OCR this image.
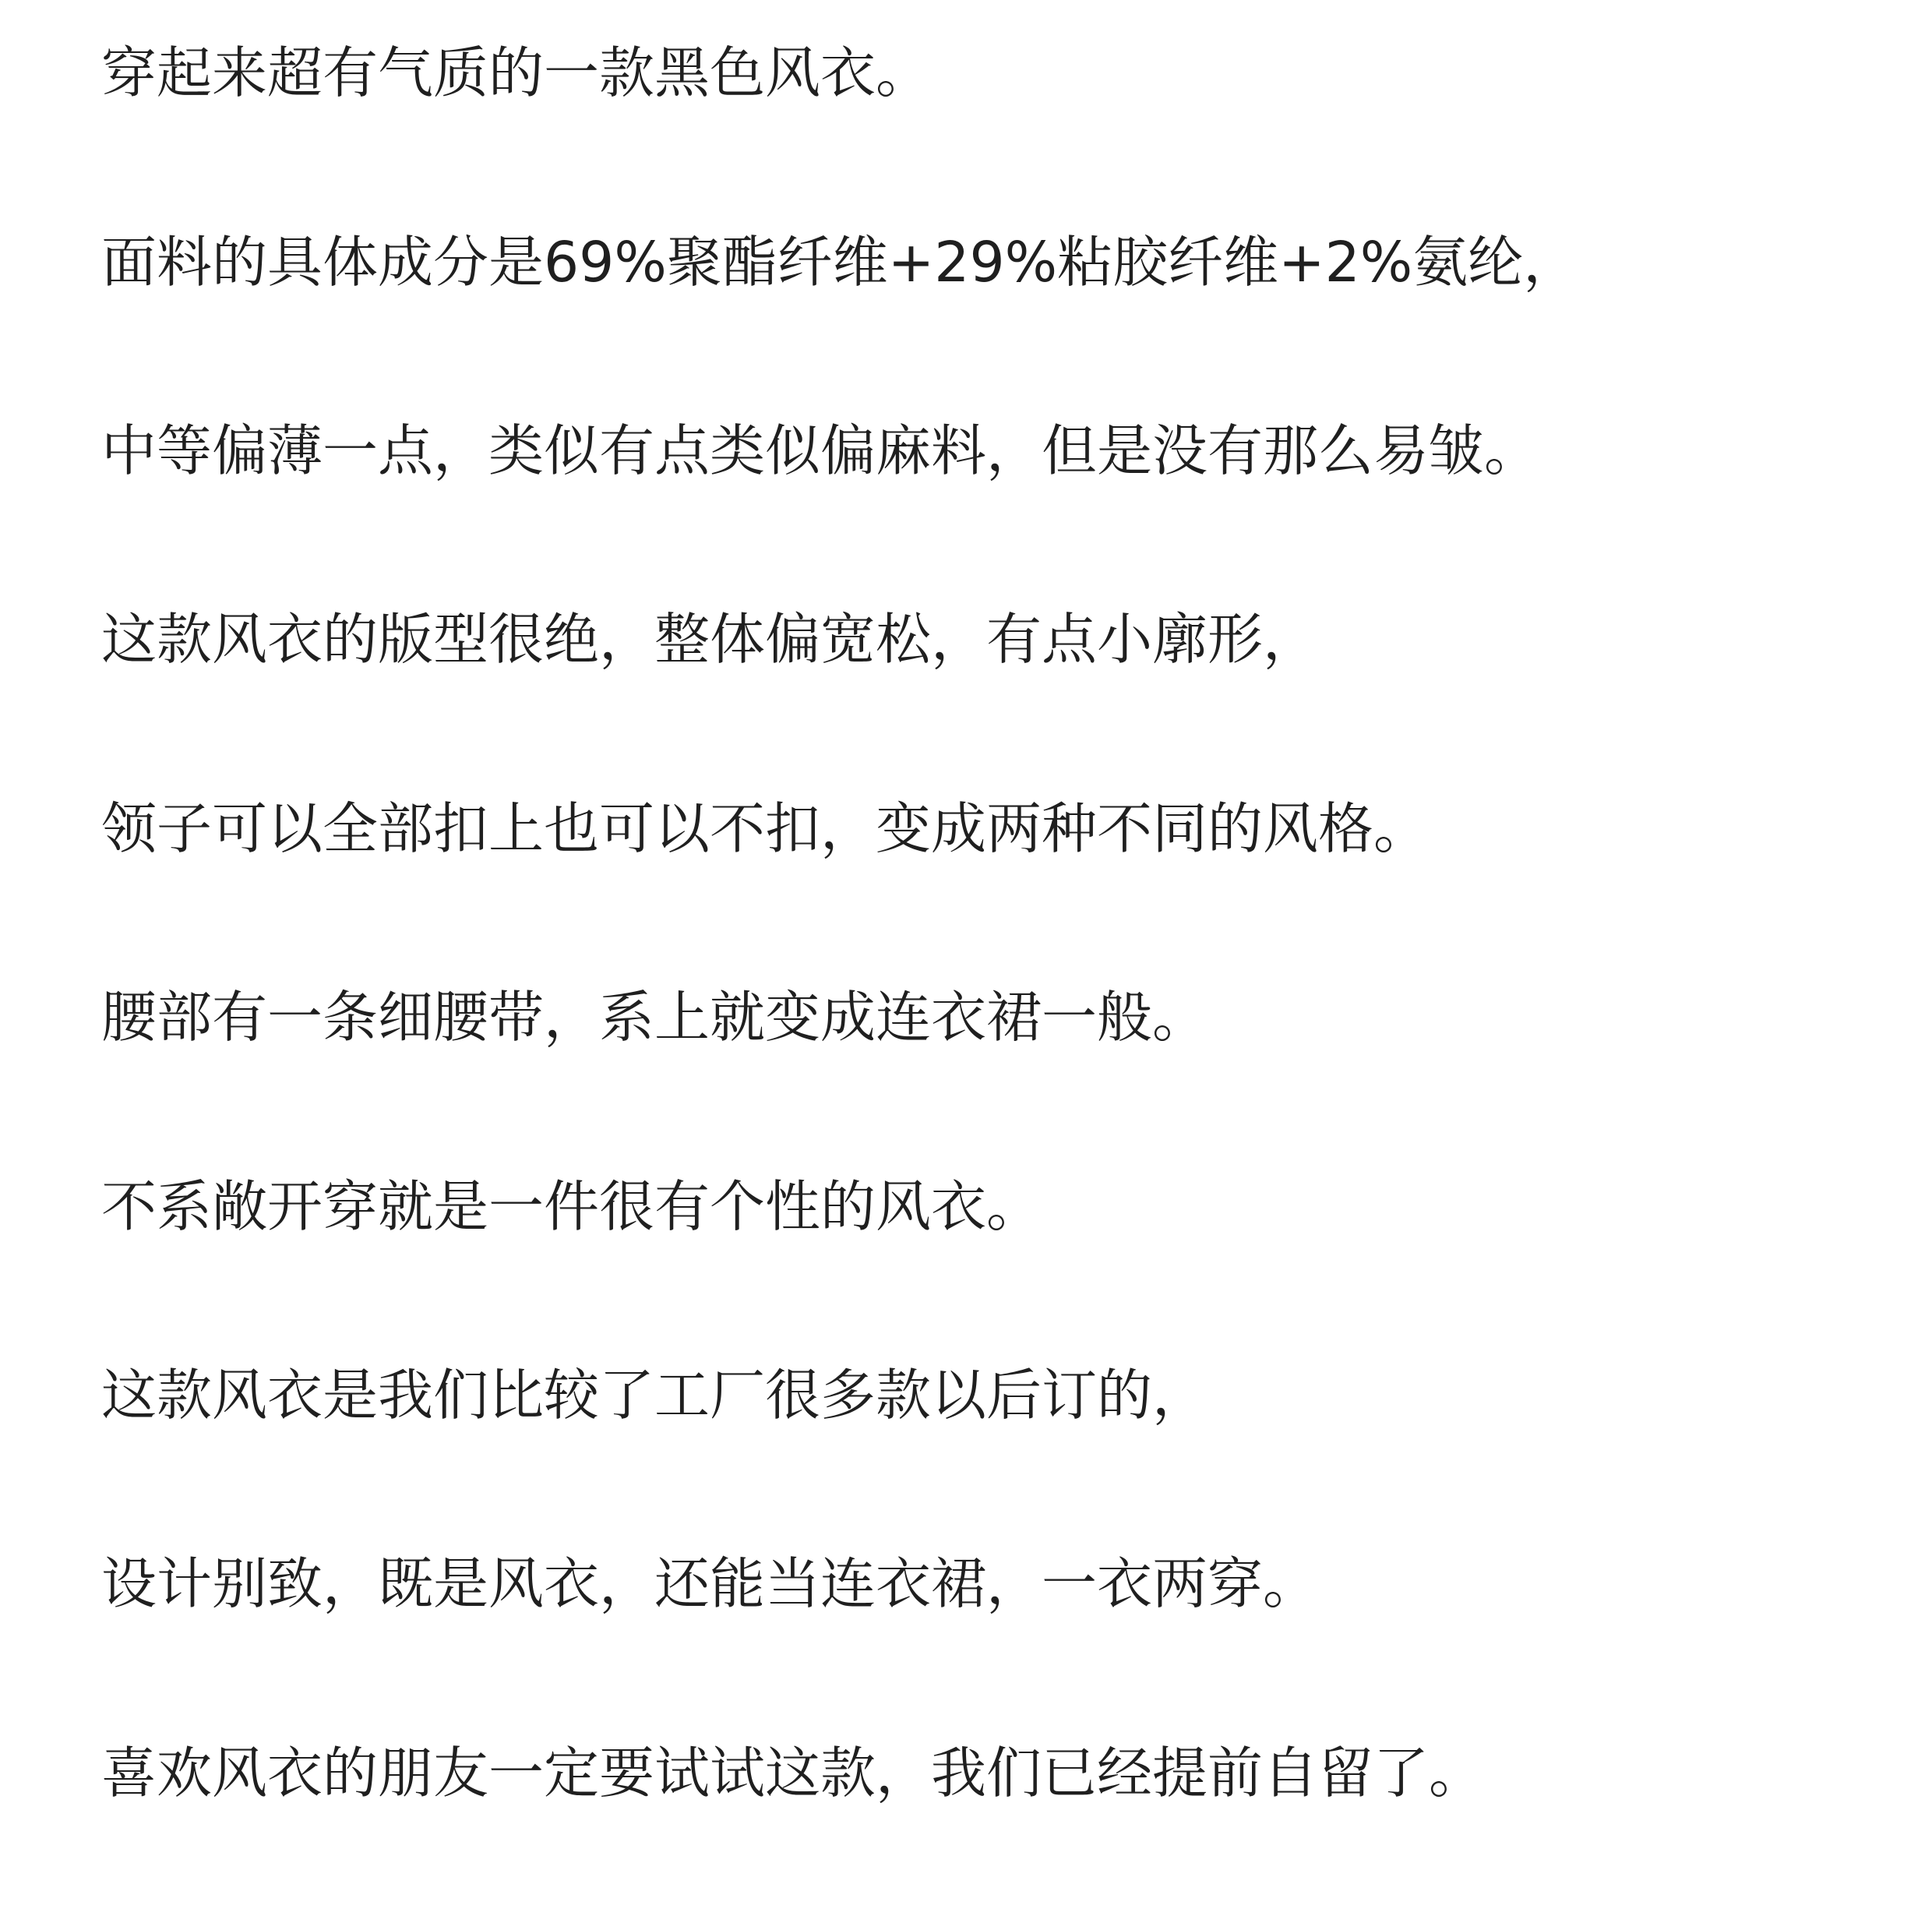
穿起来超有气质的一款黑色风衣。

面料的具体成分是69%聚酯纤维+29%粘胶纤维+2%氨纶，

中等偏薄一点，类似有点类似偏麻料，但是没有那么易皱。

这款风衣的版型很绝，整体偏宽松，有点小廓形，

领子可以全部扣上也可以不扣，变成两种不同的风格。

腰部有一条细腰带，系上就变成连衣裙一般。

不系敞开穿就是一件很有个性的风衣。

这款风衣是我们比较了工厂很多款以后订的，

设计别致，既是风衣，还能当连衣裙，一衣两穿。

喜欢风衣的朋友一定要试试这款，我们已经提前自留了。
